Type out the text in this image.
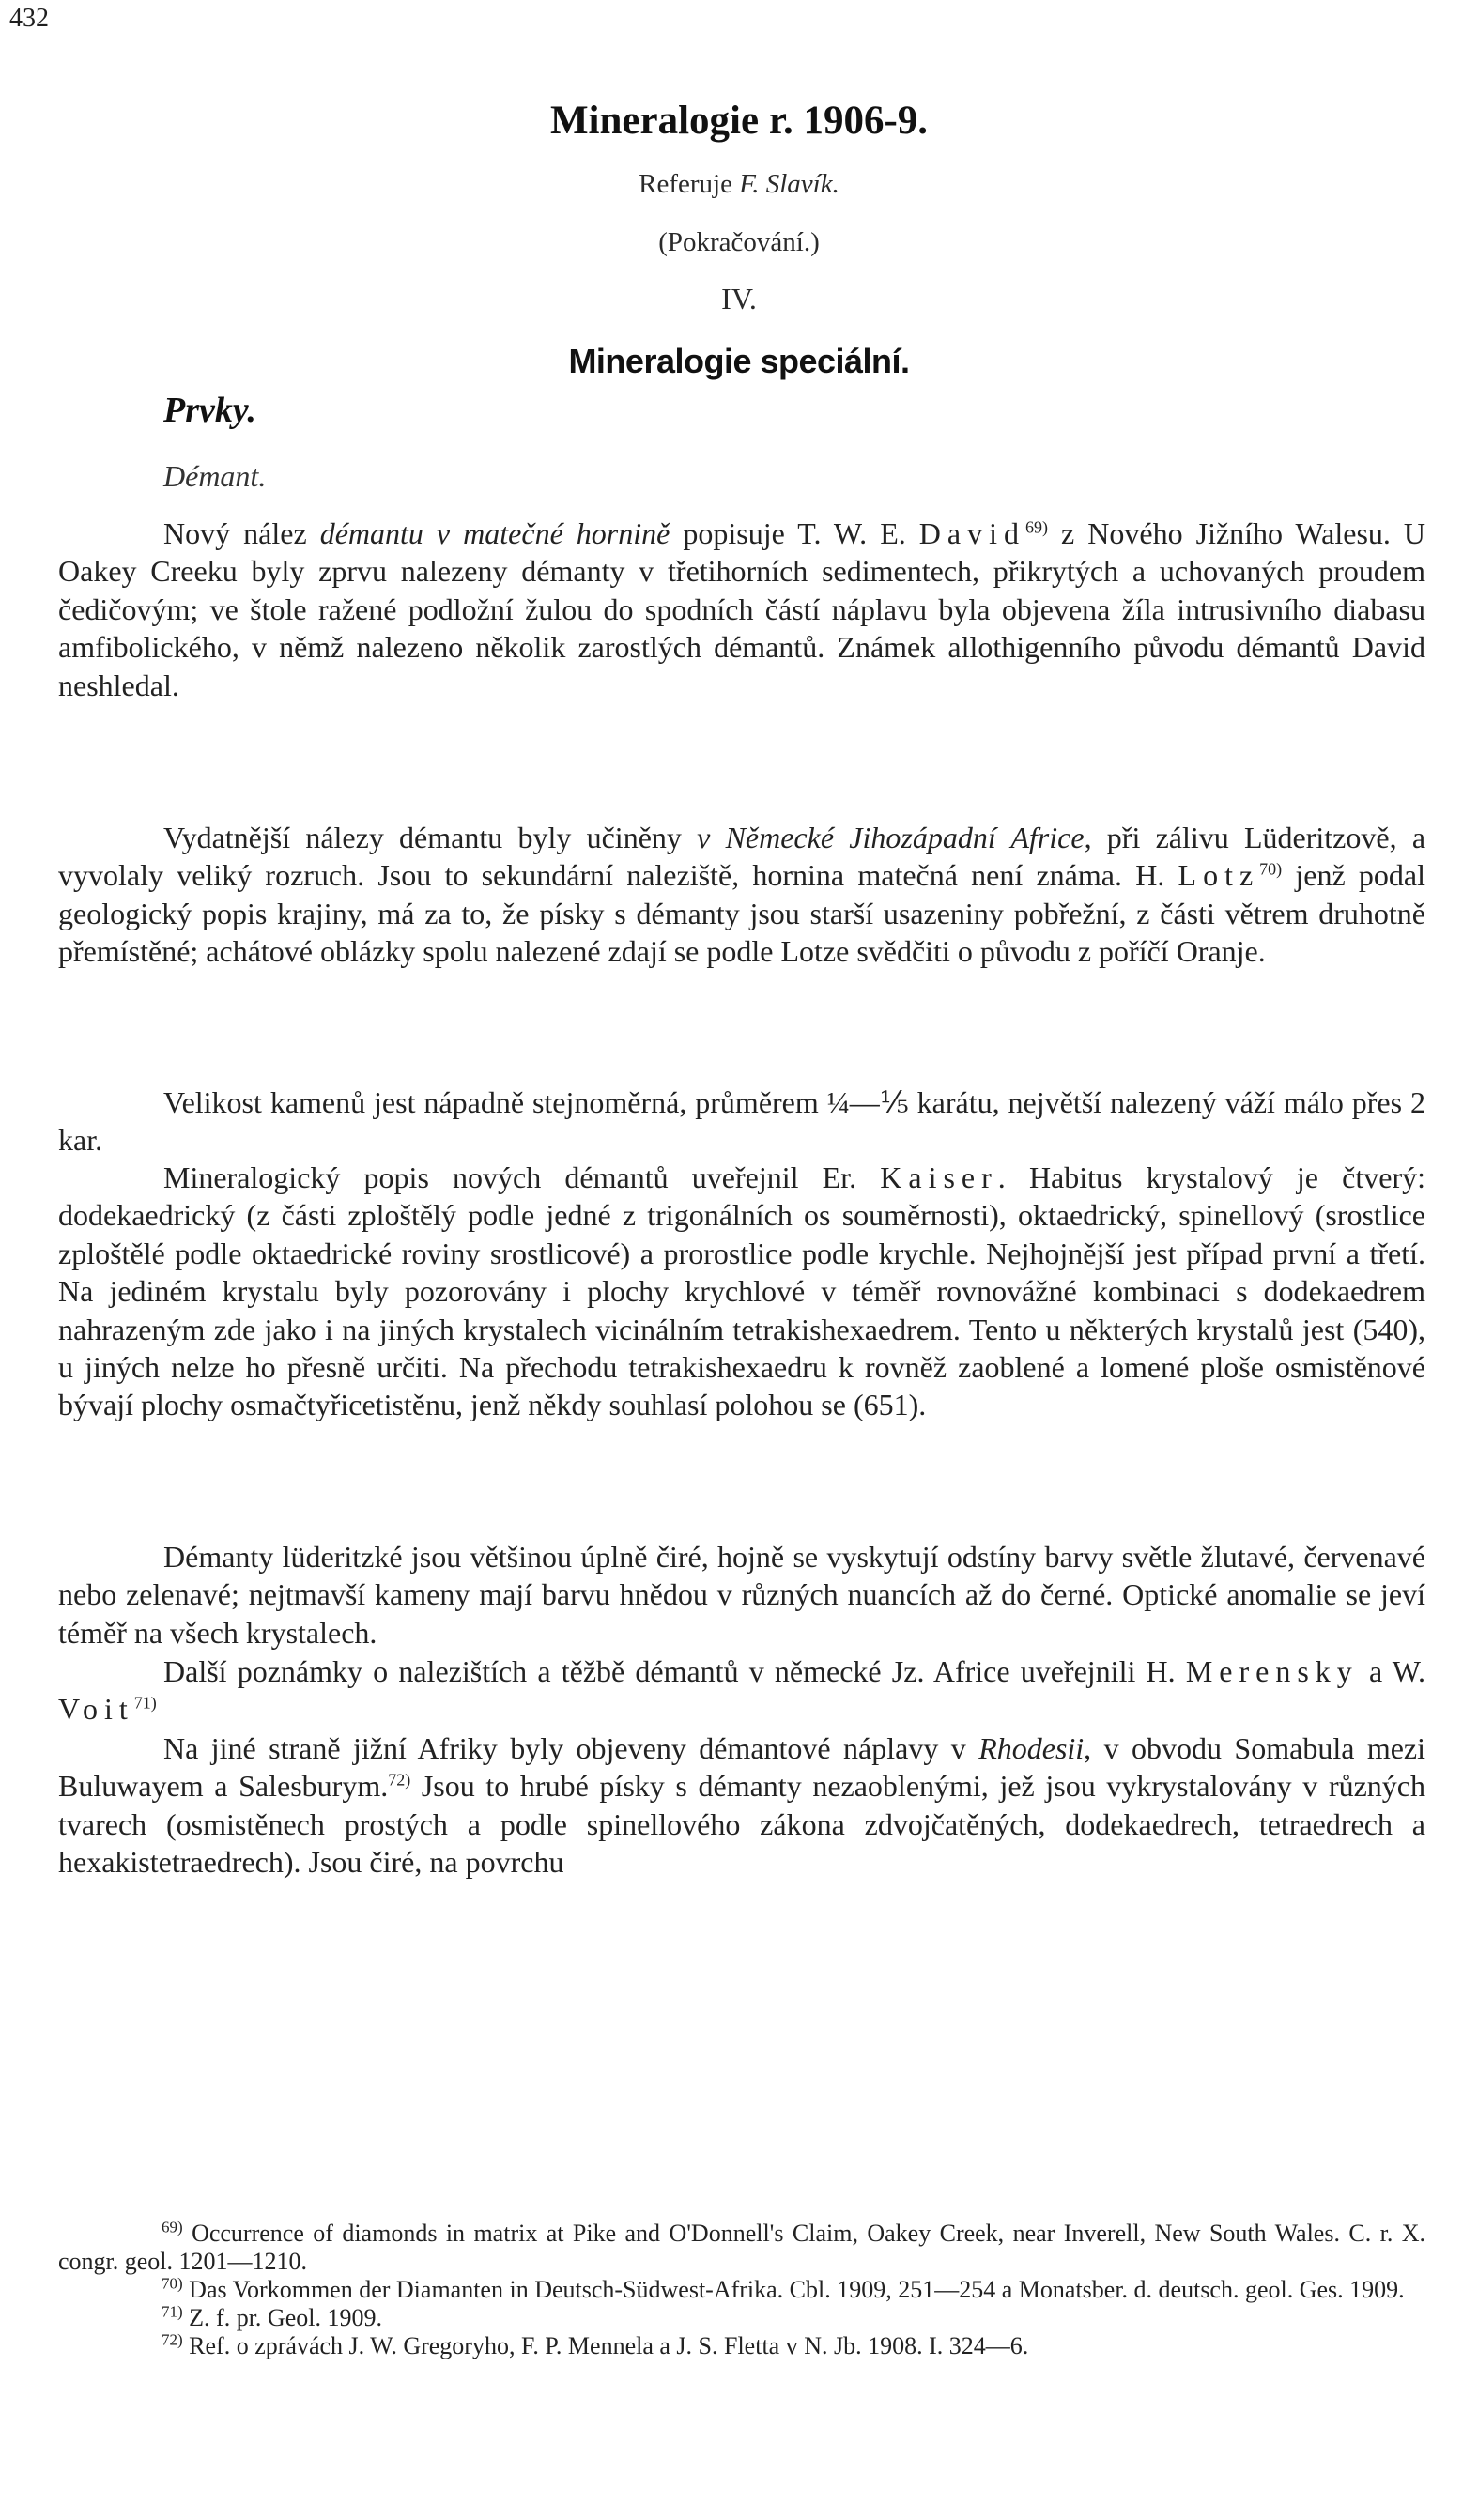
432
Mineralogie r. 1906-9.
Referuje F. Slavík.
(Pokračování.)
IV.
Mineralogie speciální.
Prvky.
Démant.

Nový nález démantu v matečné hornině popisuje T. W. E. David$^{69)}$ z Nového Jižního Walesu. U Oakey Creeku byly zprvu nalezeny démanty v třetihorních sedimentech, přikrytých a uchovaných proudem čedičovým; ve štole ražené podložní žulou do spodních částí náplavu byla objevena žíla intrusivního diabasu amfibolického, v němž nalezeno několik zarostlých démantů. Známek allothigenního původu démantů David neshledal.

Vydatnější nálezy démantu byly učiněny v Německé Jihozápadní Africe, při zálivu Lüderitzově, a vyvolaly veliký rozruch. Jsou to sekundární naleziště, hornina matečná není známa. H. Lotz$^{70)}$ jenž podal geologický popis krajiny, má za to, že písky s démanty jsou starší usazeniny pobřežní, z části větrem druhotně přemístěné; achátové oblázky spolu nalezené zdají se podle Lotze svědčiti o původu z poříčí Oranje.

Velikost kamenů jest nápadně stejnoměrná, průměrem ¼—⅕ karátu, největší nalezený váží málo přes 2 kar.

Mineralogický popis nových démantů uveřejnil Er. Kaiser. Habitus krystalový je čtverý: dodekaedrický (z části zploštělý podle jedné z trigonálních os souměrnosti), oktaedrický, spinellový (srostlice zploštělé podle oktaedrické roviny srostlicové) a prorostlice podle krychle. Nejhojnější jest případ první a třetí. Na jediném krystalu byly pozorovány i plochy krychlové v téměř rovnovážné kombinaci s dodekaedrem nahrazeným zde jako i na jiných krystalech vicinálním tetrakishexaedrem. Tento u některých krystalů jest (540), u jiných nelze ho přesně určiti. Na přechodu tetrakishexaedru k rovněž zaoblené a lomené ploše osmistěnové bývají plochy osmačtyřicetistěnu, jenž někdy souhlasí polohou se (651).

Démanty lüderitzké jsou většinou úplně čiré, hojně se vyskytují odstíny barvy světle žlutavé, červenavé nebo zelenavé; nejtmavší kameny mají barvu hnědou v různých nuancích až do černé. Optické anomalie se jeví téměř na všech krystalech.

Další poznámky o nalezištích a těžbě démantů v německé Jz. Africe uveřejnili H. Merensky a W. Voit$^{71)}$

Na jiné straně jižní Afriky byly objeveny démantové náplavy v Rhodesii, v obvodu Somabula mezi Buluwayem a Salesburym.$^{72)}$ Jsou to hrubé písky s démanty nezaoblenými, jež jsou vykrystalovány v různých tvarech (osmistěnech prostých a podle spinellového zákona zdvojčatěných, dodekaedrech, tetraedrech a hexakistetraedrech). Jsou čiré, na povrchu

$^{69)}$ Occurrence of diamonds in matrix at Pike and O'Donnell's Claim, Oakey Creek, near Inverell, New South Wales. C. r. X. congr. geol. 1201—1210.

$^{70)}$ Das Vorkommen der Diamanten in Deutsch-Südwest-Afrika. Cbl. 1909, 251—254 a Monatsber. d. deutsch. geol. Ges. 1909.

$^{71)}$ Z. f. pr. Geol. 1909.

$^{72)}$ Ref. o zprávách J. W. Gregoryho, F. P. Mennela a J. S. Fletta v N. Jb. 1908. I. 324—6.
